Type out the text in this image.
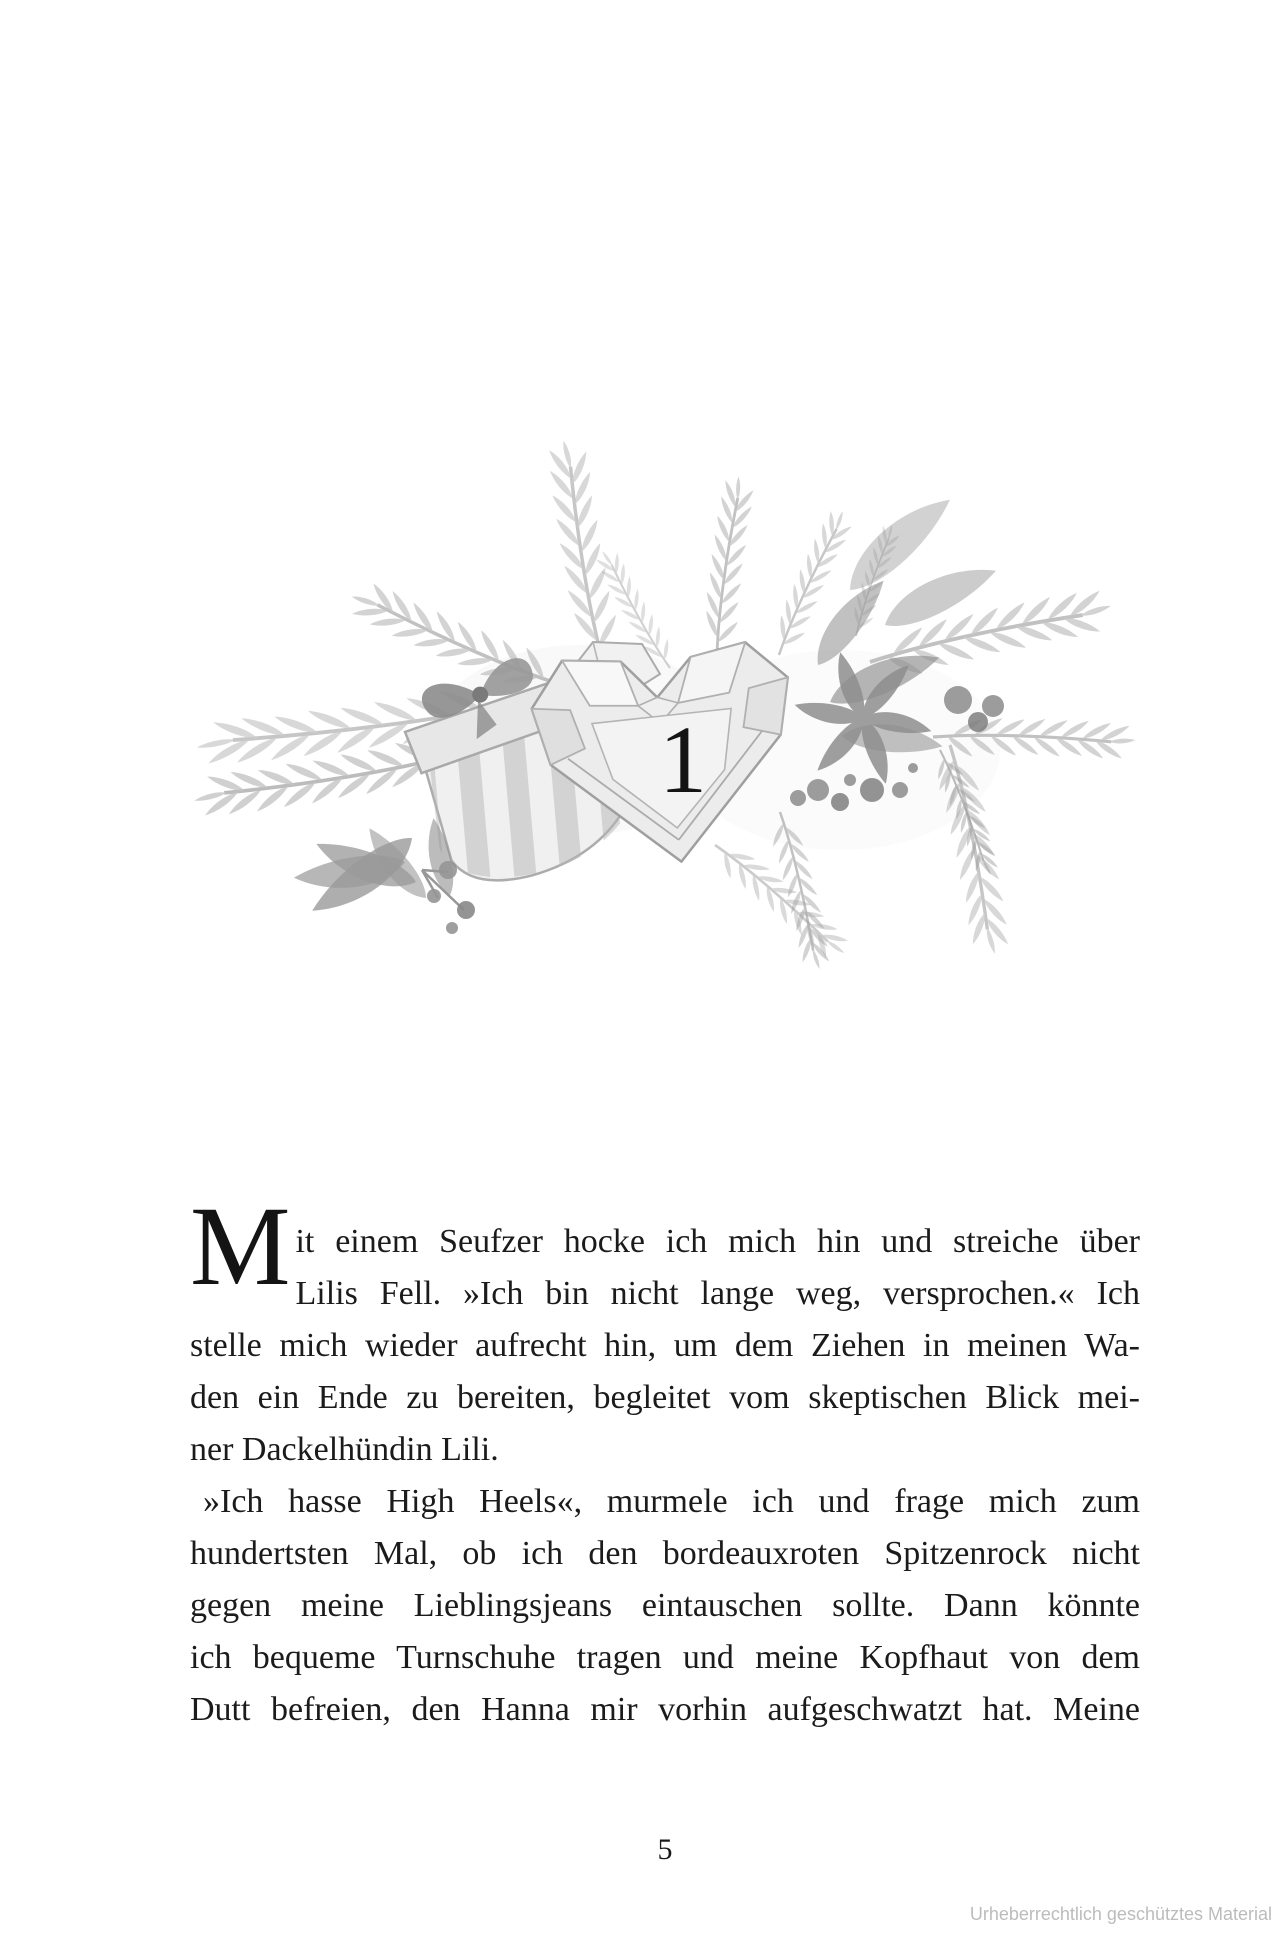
1
M it einem Seufzer hocke ich mich hin und streiche über
Lilis Fell. »Ich bin nicht lange weg, versprochen.« Ich
stelle mich wieder aufrecht hin, um dem Ziehen in meinen Wa-
den ein Ende zu bereiten, begleitet vom skeptischen Blick mei-
ner Dackelhündin Lili.
»Ich hasse High Heels«, murmele ich und frage mich zum
hundertsten Mal, ob ich den bordeauxroten Spitzenrock nicht
gegen meine Lieblingsjeans eintauschen sollte. Dann könnte
ich bequeme Turnschuhe tragen und meine Kopfhaut von dem
Dutt befreien, den Hanna mir vorhin aufgeschwatzt hat. Meine
5
Urheberrechtlich geschütztes Material
